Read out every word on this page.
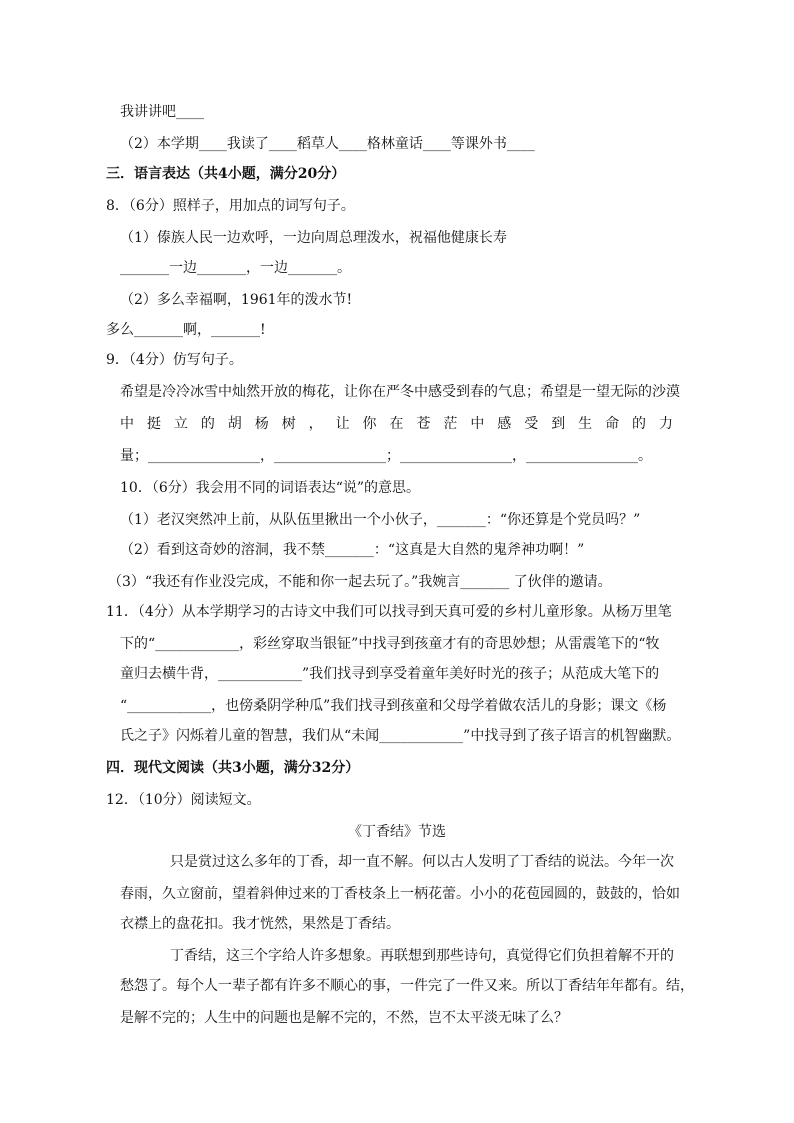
我讲讲吧____
（2）本学期____我读了____稻草人____格林童话____等课外书____
三．语言表达（共4小题，满分20分）
8．（6分）照样子，用加点的词写句子。
（1）傣族人民一边欢呼，一边向周总理泼水，祝福他健康长寿
_______一边_______，一边_______。
（2）多么幸福啊，1961年的泼水节!
多么_______啊，_______!
9．（4分）仿写句子。
希望是冷冷冰雪中灿然开放的梅花，让你在严冬中感受到春的气息；希望是一望无际的沙漠
中挺立的胡杨树，让你在苍茫中感受到生命的力
量；________________，________________；________________，________________。
10．（6分）我会用不同的词语表达“说”的意思。
（1）老汉突然冲上前，从队伍里揪出一个小伙子，_______：“你还算是个党员吗？”
（2）看到这奇妙的溶洞，我不禁_______：“这真是大自然的鬼斧神功啊！”
（3）“我还有作业没完成，不能和你一起去玩了。”我婉言_______ 了伙伴的邀请。
11．（4分）从本学期学习的古诗文中我们可以找寻到天真可爱的乡村儿童形象。从杨万里笔
下的“____________，彩丝穿取当银钲”中找寻到孩童才有的奇思妙想；从雷震笔下的“牧
童归去横牛背，____________”我们找寻到享受着童年美好时光的孩子；从范成大笔下的
“____________，也傍桑阴学种瓜”我们找寻到孩童和父母学着做农活儿的身影；课文《杨
氏之子》闪烁着儿童的智慧，我们从“未闻____________”中找寻到了孩子语言的机智幽默。
四．现代文阅读（共3小题，满分32分）
12．（10分）阅读短文。
《丁香结》节选
只是赏过这么多年的丁香，却一直不解。何以古人发明了丁香结的说法。今年一次
春雨，久立窗前，望着斜伸过来的丁香枝条上一柄花蕾。小小的花苞园圆的，鼓鼓的，恰如
衣襟上的盘花扣。我才恍然，果然是丁香结。
丁香结，这三个字给人许多想象。再联想到那些诗句，真觉得它们负担着解不开的
愁怨了。每个人一辈子都有许多不顺心的事，一件完了一件又来。所以丁香结年年都有。结，
是解不完的；人生中的问题也是解不完的，不然，岂不太平淡无味了么？
